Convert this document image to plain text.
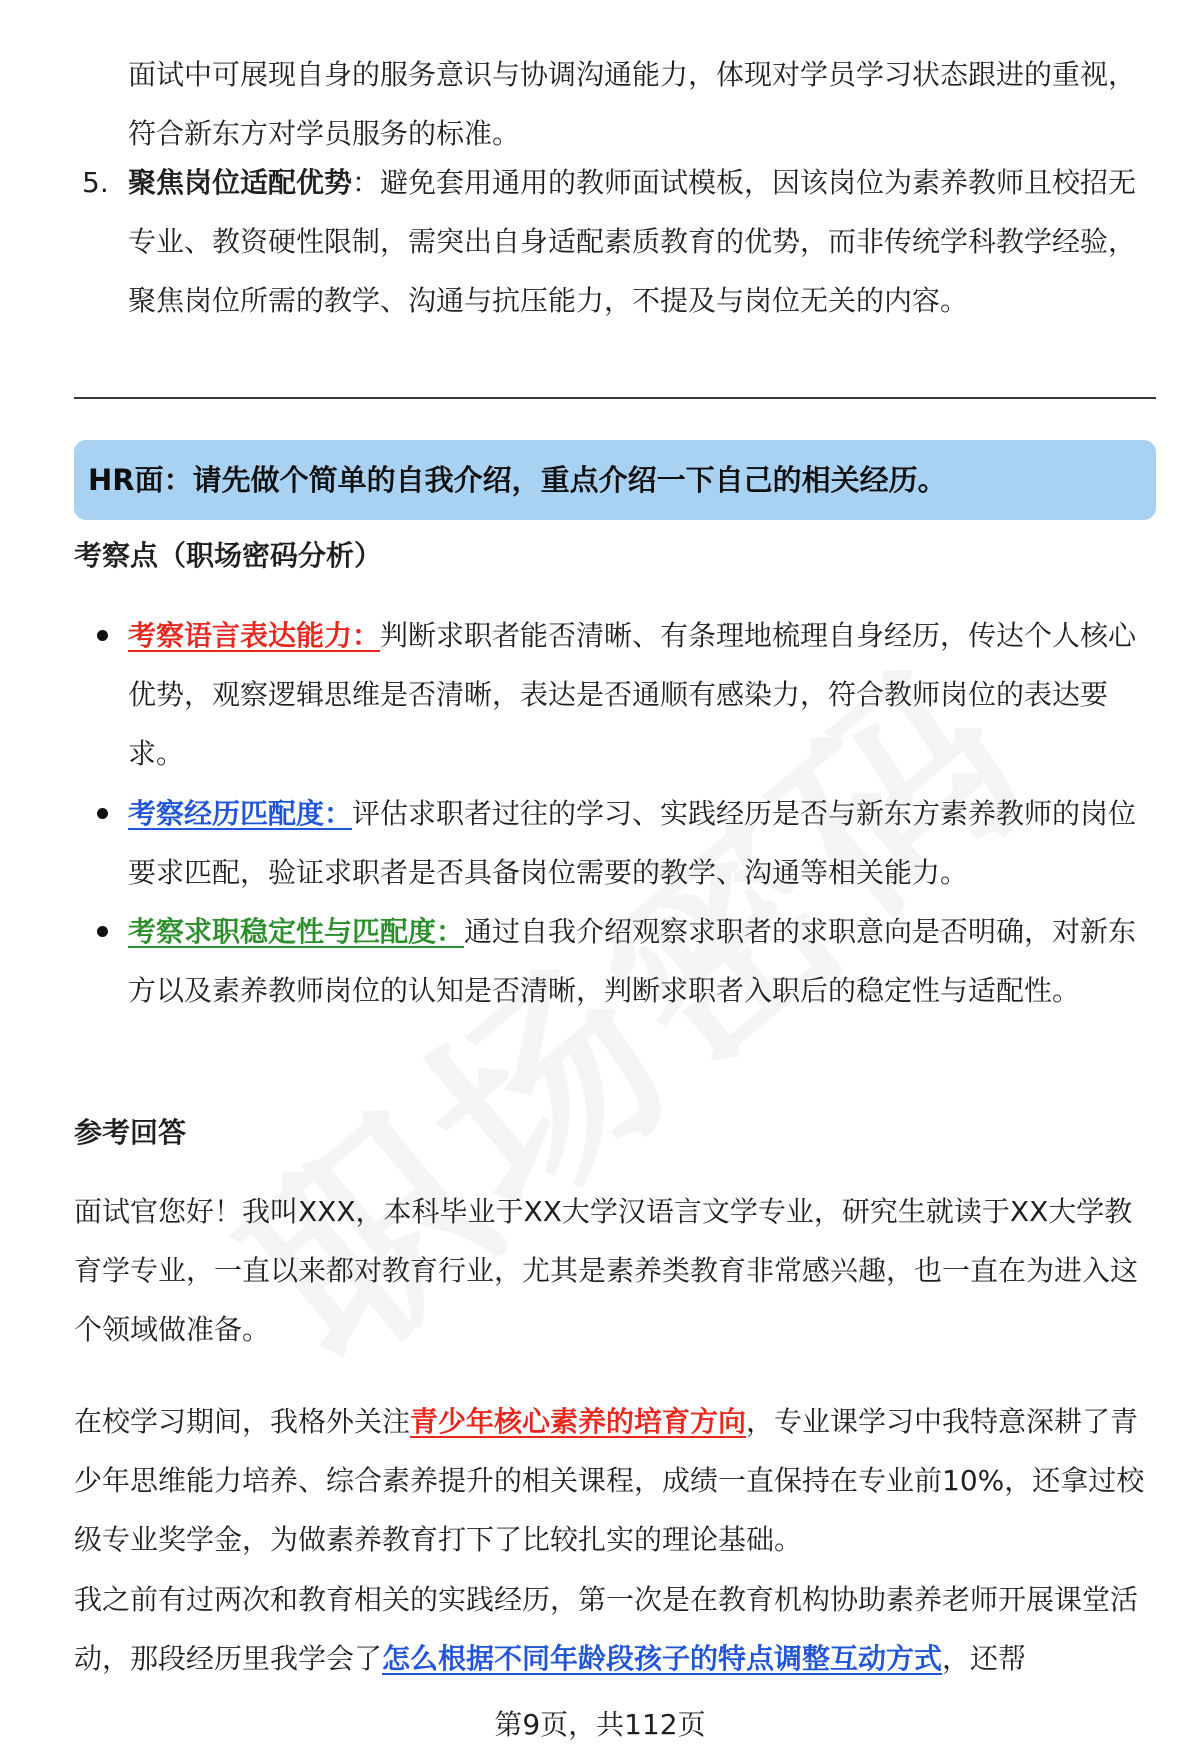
面试中可展现自身的服务意识与协调沟通能力，体现对学员学习状态跟进的重视，符合新东方对学员服务的标准。

5. 聚焦岗位适配优势：避免套用通用的教师面试模板，因该岗位为素养教师且校招无专业、教资硬性限制，需突出自身适配素质教育的优势，而非传统学科教学经验，聚焦岗位所需的教学、沟通与抗压能力，不提及与岗位无关的内容。

HR面：请先做个简单的自我介绍，重点介绍一下自己的相关经历。
考察点（职场密码分析）

考察语言表达能力：判断求职者能否清晰、有条理地梳理自身经历，传达个人核心优势，观察逻辑思维是否清晰，表达是否通顺有感染力，符合教师岗位的表达要求。

考察经历匹配度：评估求职者过往的学习、实践经历是否与新东方素养教师的岗位要求匹配，验证求职者是否具备岗位需要的教学、沟通等相关能力。

考察求职稳定性与匹配度：通过自我介绍观察求职者的求职意向是否明确，对新东方以及素养教师岗位的认知是否清晰，判断求职者入职后的稳定性与适配性。

参考回答

面试官您好！我叫XXX，本科毕业于XX大学汉语言文学专业，研究生就读于XX大学教育学专业，一直以来都对教育行业，尤其是素养类教育非常感兴趣，也一直在为进入这个领域做准备。

在校学习期间，我格外关注青少年核心素养的培育方向，专业课学习中我特意深耕了青少年思维能力培养、综合素养提升的相关课程，成绩一直保持在专业前10%，还拿过校级专业奖学金，为做素养教育打下了比较扎实的理论基础。

我之前有过两次和教育相关的实践经历，第一次是在教育机构协助素养老师开展课堂活动，那段经历里我学会了怎么根据不同年龄段孩子的特点调整互动方式，还帮

第9页，共112页
